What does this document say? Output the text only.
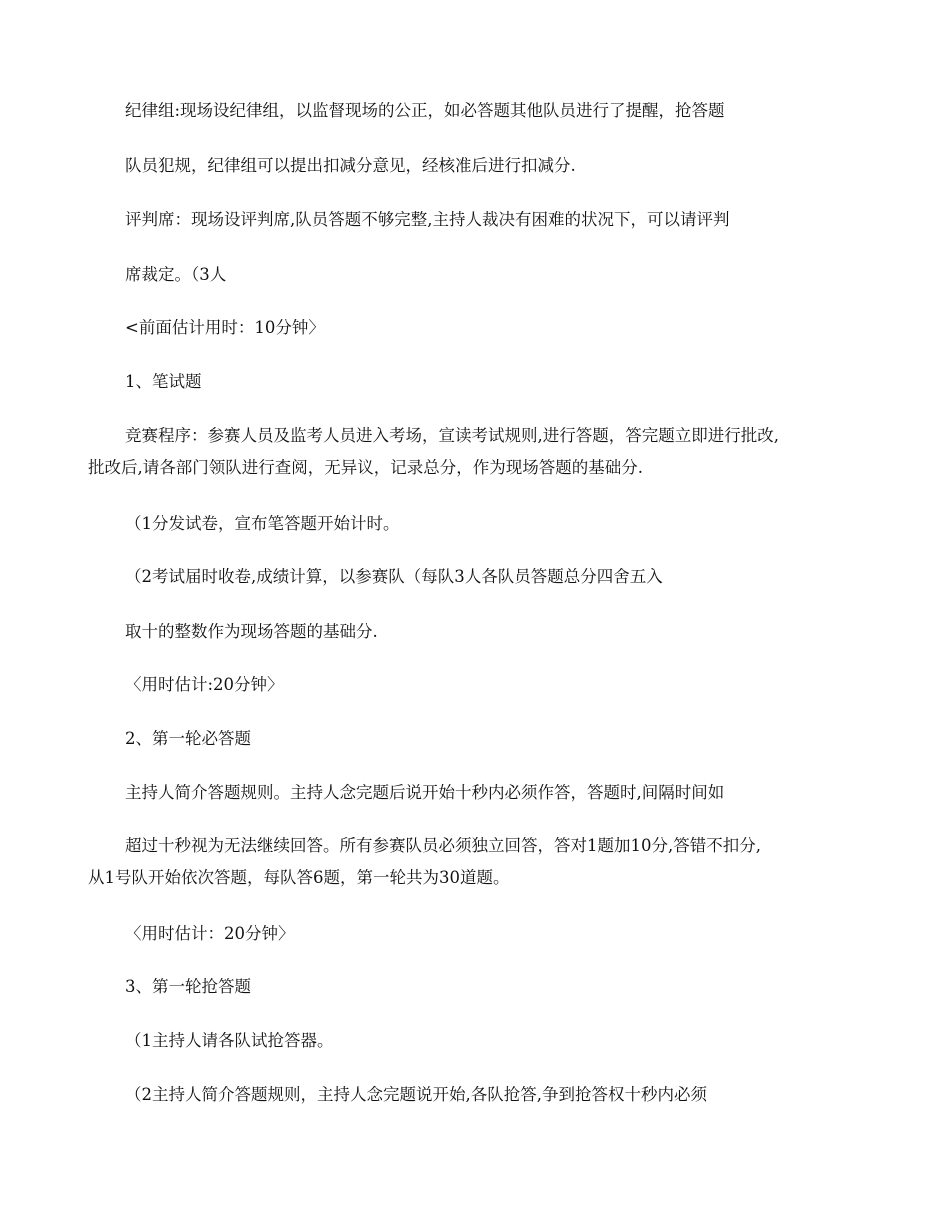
纪律组:现场设纪律组，以监督现场的公正，如必答题其他队员进行了提醒，抢答题

队员犯规，纪律组可以提出扣减分意见，经核准后进行扣减分.

评判席：现场设评判席,队员答题不够完整,主持人裁决有困难的状况下，可以请评判

席裁定。（3人

<前面估计用时：10分钟〉

1、笔试题

竞赛程序：参赛人员及监考人员进入考场，宣读考试规则,进行答题，答完题立即进行批改,
批改后,请各部门领队进行查阅，无异议，记录总分，作为现场答题的基础分.

（1分发试卷，宣布笔答题开始计时。

（2考试届时收卷,成绩计算，以参赛队（每队3人各队员答题总分四舍五入

取十的整数作为现场答题的基础分.

〈用时估计:20分钟〉

2、第一轮必答题

主持人简介答题规则。主持人念完题后说开始十秒内必须作答，答题时,间隔时间如

超过十秒视为无法继续回答。所有参赛队员必须独立回答，答对1题加10分,答错不扣分,
从1号队开始依次答题，每队答6题，第一轮共为30道题。

〈用时估计：20分钟〉

3、第一轮抢答题

（1主持人请各队试抢答器。

（2主持人简介答题规则，主持人念完题说开始,各队抢答,争到抢答权十秒内必须
